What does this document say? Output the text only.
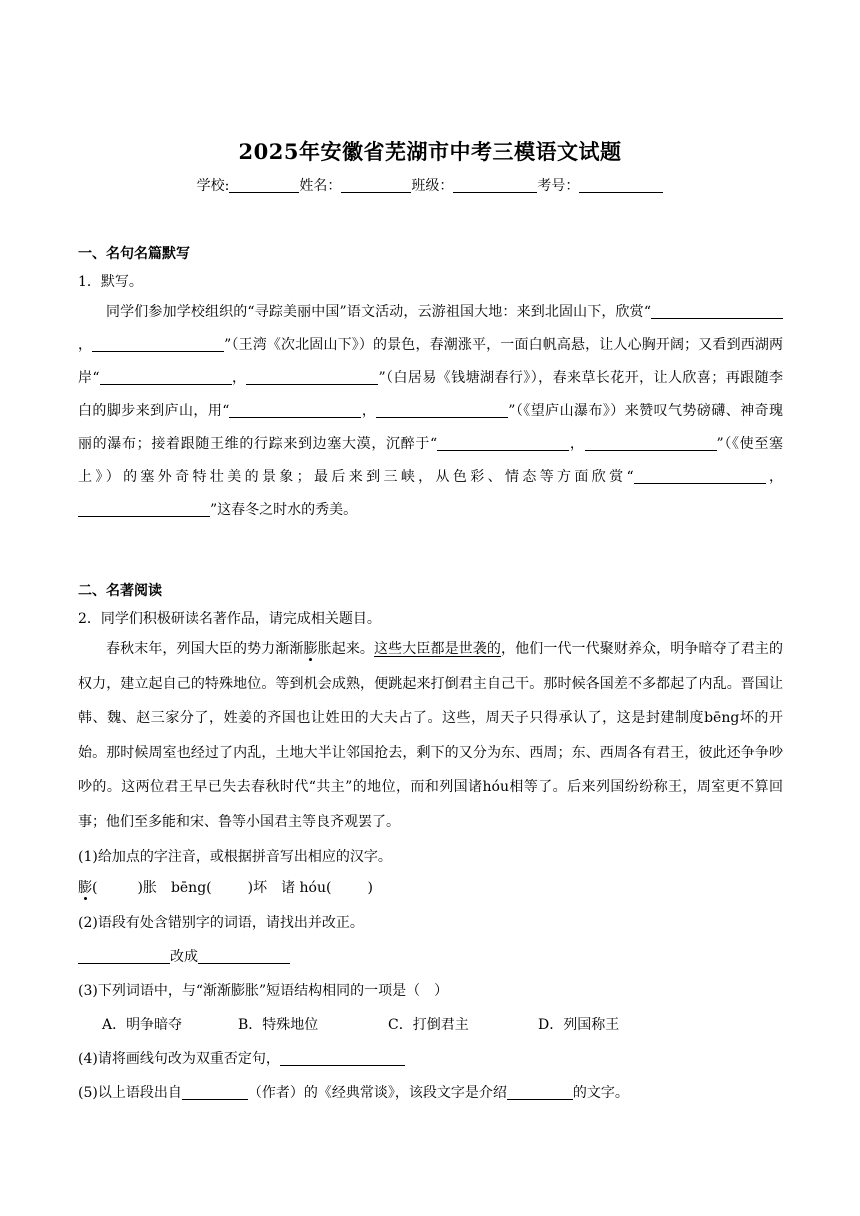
2025年安徽省芜湖市中考三模语文试题
学校:	姓名：	班级：	考号：
一、名句名篇默写
1．默写。

同学们参加学校组织的“寻踪美丽中国”语文活动，云游祖国大地：来到北固山下，欣赏“，	”（王湾《次北固山下》）的景色，春潮涨平，一面白帆高悬，让人心胸开阔；又看到西湖两岸“	，	”（白居易《钱塘湖春行》），春来草长花开，让人欣喜；再跟随李白的脚步来到庐山，用“	，	”（《望庐山瀑布》）来赞叹气势磅礴、神奇瑰丽的瀑布；接着跟随王维的行踪来到边塞大漠，沉醉于“	，	”（《使至塞上》）的塞外奇特壮美的景象；最后来到三峡，从色彩、情态等方面欣赏“	，”这春冬之时水的秀美。

二、名著阅读
2．同学们积极研读名著作品，请完成相关题目。

春秋末年，列国大臣的势力渐渐膨胀起来。这些大臣都是世袭的，他们一代一代聚财养众，明争暗夺了君主的权力，建立起自己的特殊地位。等到机会成熟，便跳起来打倒君主自己干。那时候各国差不多都起了内乱。晋国让韩、魏、赵三家分了，姓姜的齐国也让姓田的大夫占了。这些，周天子只得承认了，这是封建制度bēng坏的开始。那时候周室也经过了内乱，土地大半让邻国抢去，剩下的又分为东、西周；东、西周各有君王，彼此还争争吵吵的。这两位君王早已失去春秋时代“共主”的地位，而和列国诸hóu相等了。后来列国纷纷称王，周室更不算回事；他们至多能和宋、鲁等小国君主等良齐观罢了。

(1)给加点的字注音，或根据拼音写出相应的汉字。
膨(	)胀 bēng(	)坏 诸 hóu(	)
(2)语段有处含错别字的词语，请找出并改正。
改成
(3)下列词语中，与“渐渐膨胀”短语结构相同的一项是（　）
A．明争暗夺	B．特殊地位	C．打倒君主	D．列国称王
(4)请将画线句改为双重否定句，
(5)以上语段出自	（作者）的《经典常谈》，该段文字是介绍	的文字。
